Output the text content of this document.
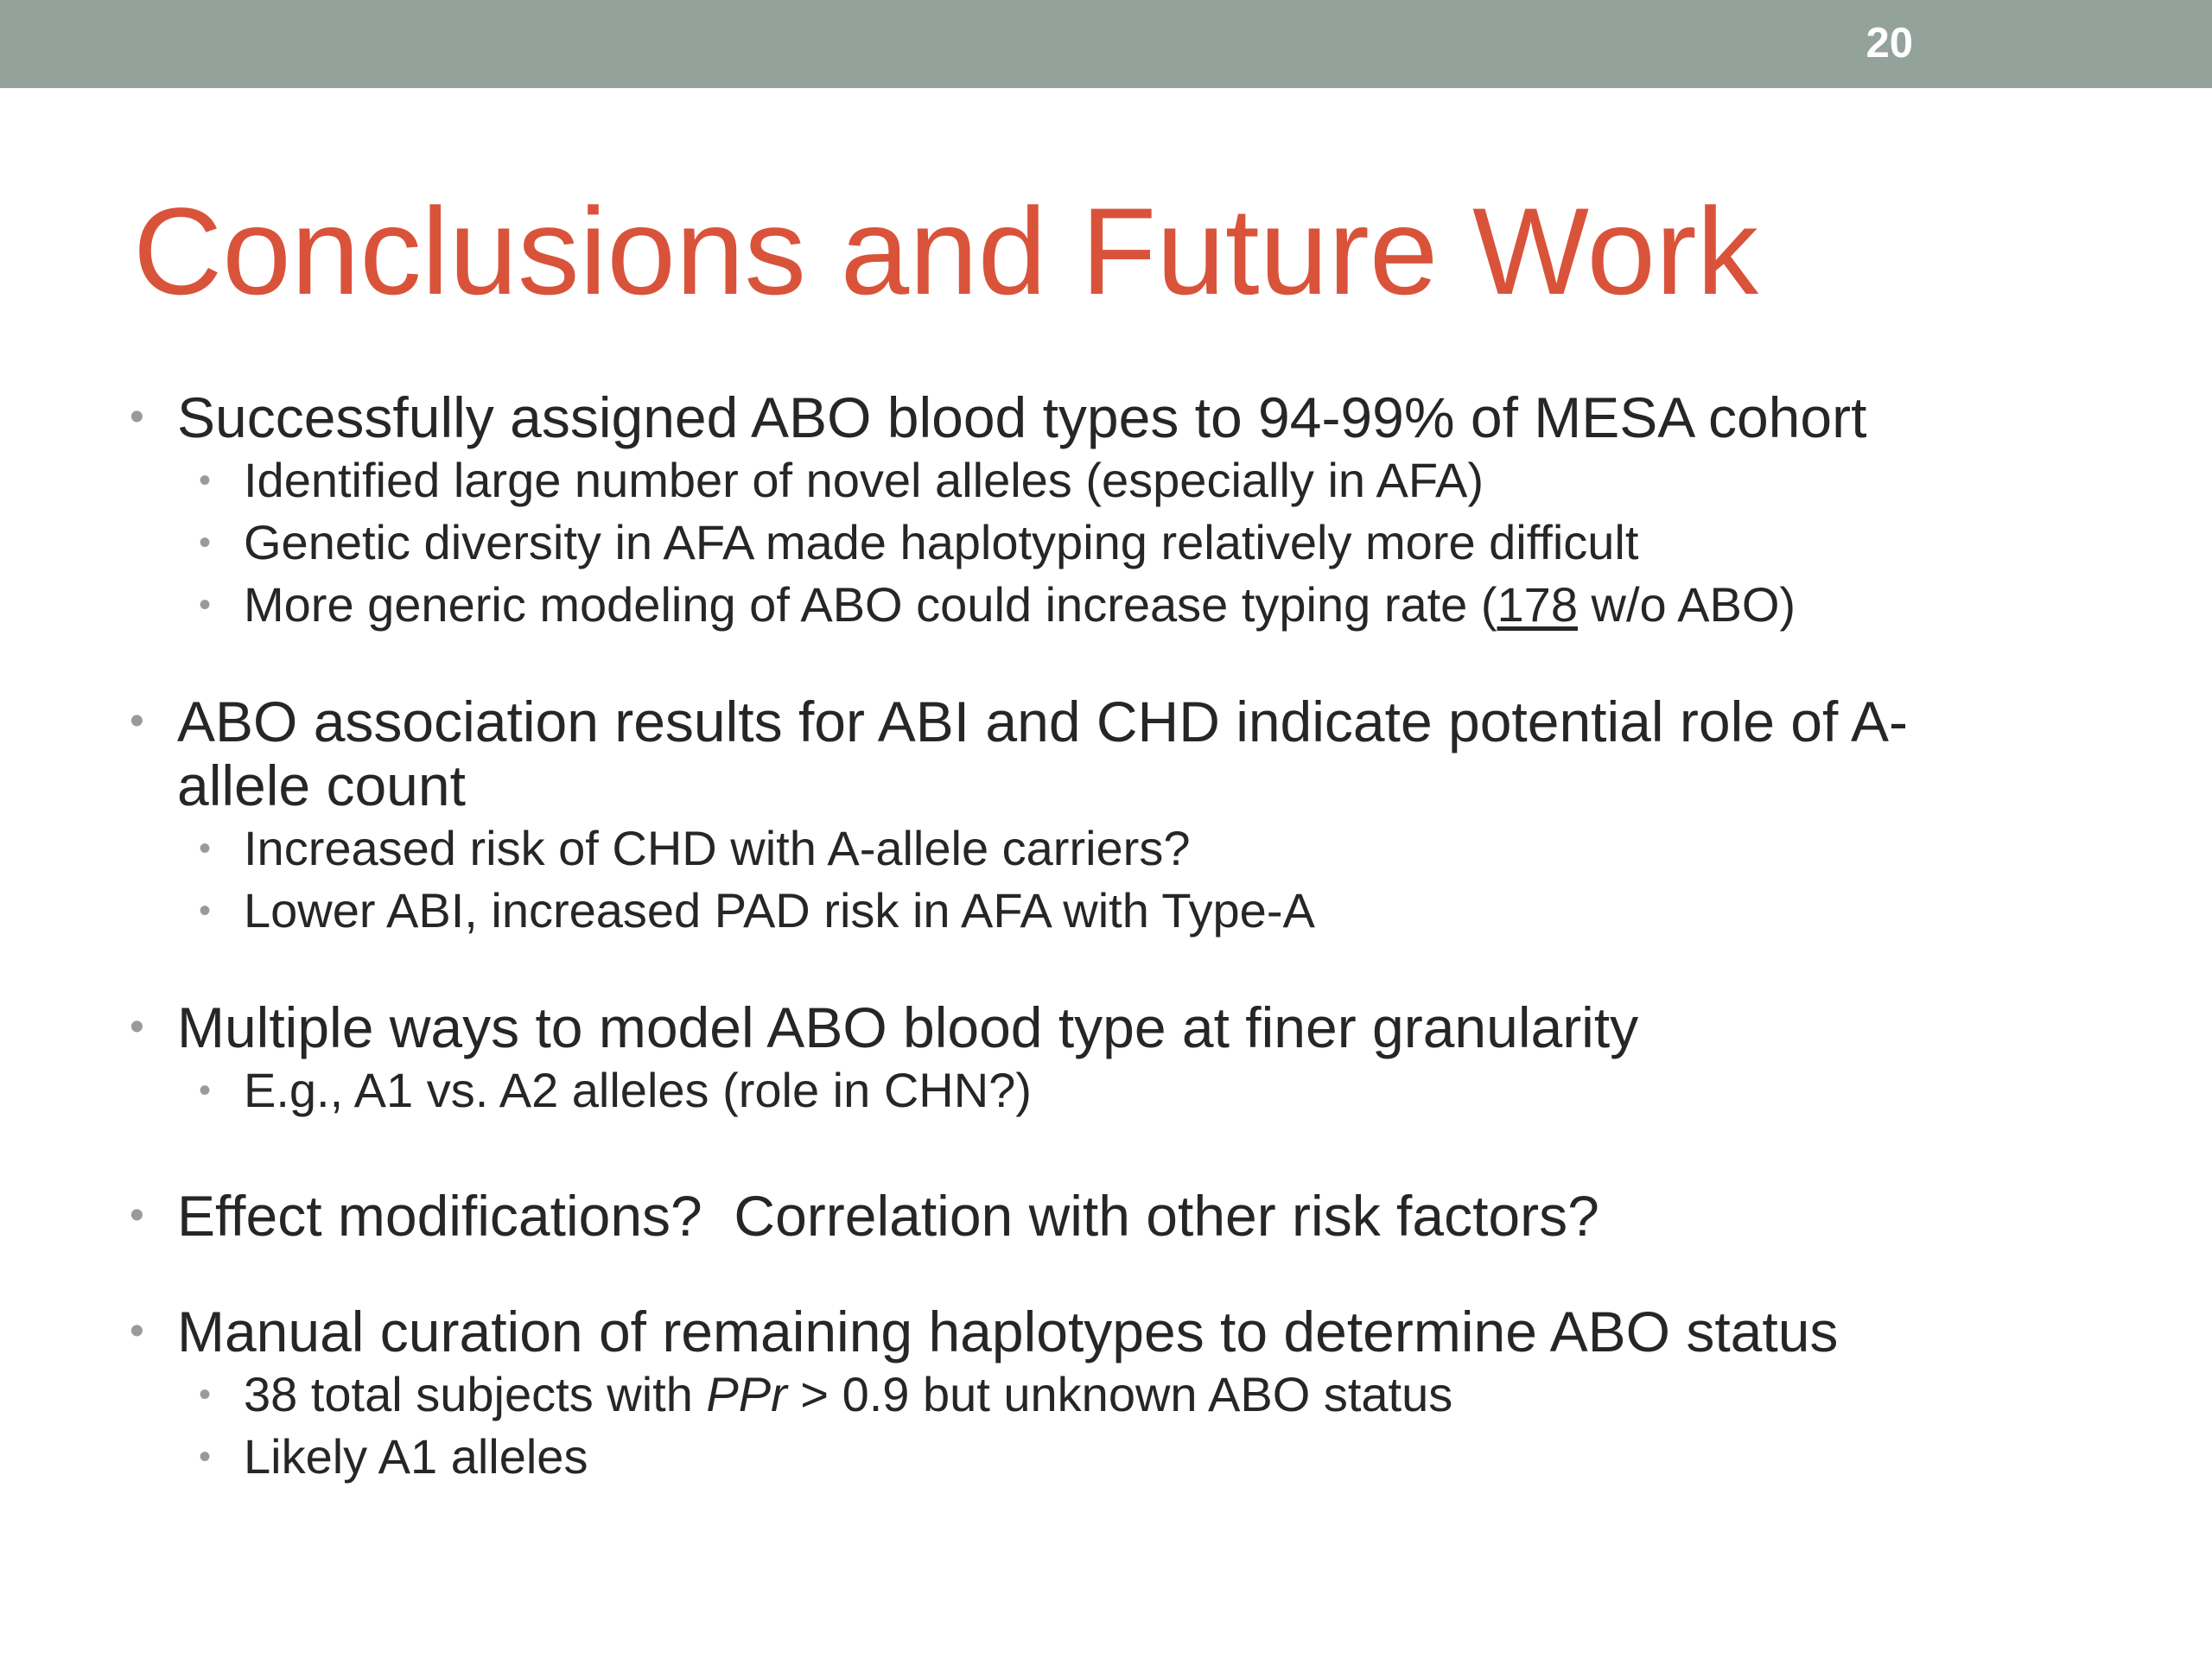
20
Conclusions and Future Work
• Successfully assigned ABO blood types to 94-99% of MESA cohort
• Identified large number of novel alleles (especially in AFA)
• Genetic diversity in AFA made haplotyping relatively more difficult
• More generic modeling of ABO could increase typing rate (178 w/o ABO)
• ABO association results for ABI and CHD indicate potential role of A-
allele count
• Increased risk of CHD with A-allele carriers?
• Lower ABI, increased PAD risk in AFA with Type-A
• Multiple ways to model ABO blood type at finer granularity
• E.g., A1 vs. A2 alleles (role in CHN?)
• Effect modifications?  Correlation with other risk factors?
• Manual curation of remaining haplotypes to determine ABO status
• 38 total subjects with PPr > 0.9 but unknown ABO status
• Likely A1 alleles
